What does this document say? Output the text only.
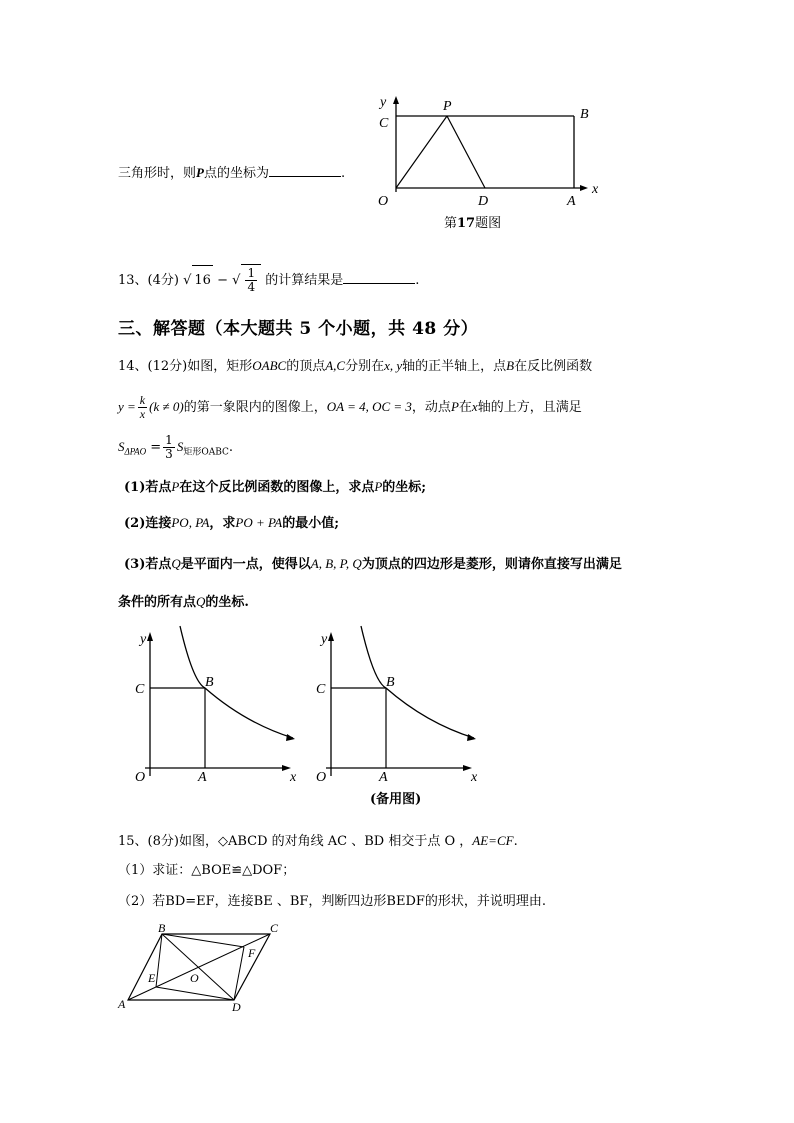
三角形时，则P点的坐标为	.
y
x
C
P
B
O	D	A
第17题图
13、(4分) √ 16 − √ $\frac{1}{4}$ 的计算结果是	.
三、解答题（本大题共 5 个小题，共 48 分）
14、(12分)如图，矩形OABC的顶点A,C分别在x, y轴的正半轴上，点B在反比例函数
$y = \frac{k}{x} (k \ne 0)$的第一象限内的图像上，OA = 4, OC = 3，动点P在x轴的上方，且满足
$S_{\Delta PAO} = \frac{1}{3} S_{矩形OABC}$.
(1)若点P在这个反比例函数的图像上，求点P的坐标;
(2)连接PO, PA，求PO + PA的最小值;
(3)若点Q是平面内一点，使得以A, B, P, Q为顶点的四边形是菱形，则请你直接写出满足
条件的所有点Q的坐标.
y
C	B
O	A	x
y
C	B
O	A	x
(备用图)
15、(8分)如图，◇ABCD 的对角线 AC 、BD 相交于点 O ，AE=CF.
（1）求证：△BOE≌△DOF；
（2）若BD=EF，连接BE 、BF，判断四边形BEDF的形状，并说明理由.
B	C
F
E	O
A	D
